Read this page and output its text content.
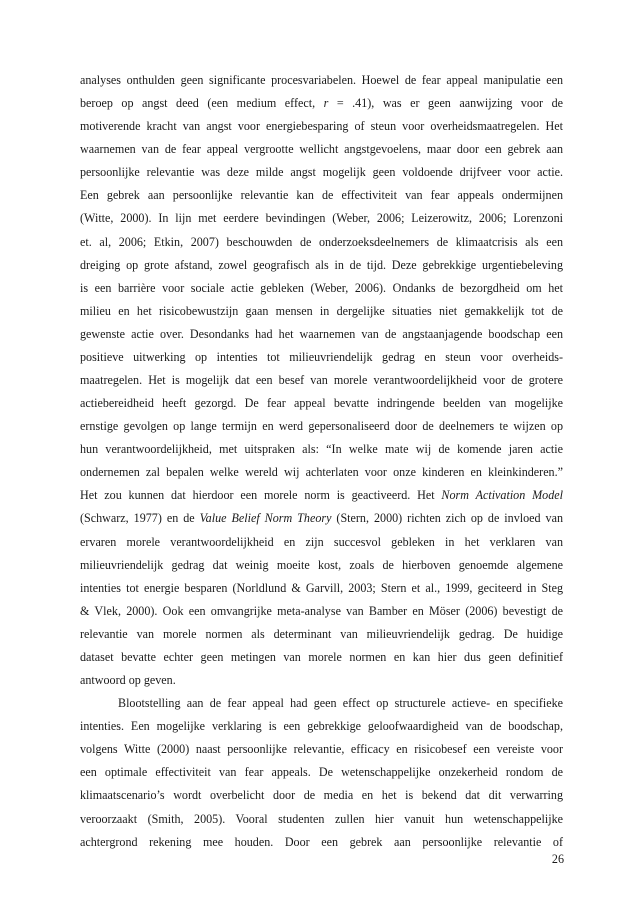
analyses onthulden geen significante procesvariabelen. Hoewel de fear appeal manipulatie een
beroep op angst deed (een medium effect, r = .41), was er geen aanwijzing voor de
motiverende kracht van angst voor energiebesparing of steun voor overheidsmaatregelen. Het
waarnemen van de fear appeal vergrootte wellicht angstgevoelens, maar door een gebrek aan
persoonlijke relevantie was deze milde angst mogelijk geen voldoende drijfveer voor actie.
Een gebrek aan persoonlijke relevantie kan de effectiviteit van fear appeals ondermijnen
(Witte, 2000). In lijn met eerdere bevindingen (Weber, 2006; Leizerowitz, 2006; Lorenzoni
et. al, 2006; Etkin, 2007) beschouwden de onderzoeksdeelnemers de klimaatcrisis als een
dreiging op grote afstand, zowel geografisch als in de tijd. Deze gebrekkige urgentiebeleving
is een barrière voor sociale actie gebleken (Weber, 2006). Ondanks de bezorgdheid om het
milieu en het risicobewustzijn gaan mensen in dergelijke situaties niet gemakkelijk tot de
gewenste actie over. Desondanks had het waarnemen van de angstaanjagende boodschap een
positieve uitwerking op intenties tot milieuvriendelijk gedrag en steun voor overheids-
maatregelen. Het is mogelijk dat een besef van morele verantwoordelijkheid voor de grotere
actiebereidheid heeft gezorgd. De fear appeal bevatte indringende beelden van mogelijke
ernstige gevolgen op lange termijn en werd gepersonaliseerd door de deelnemers te wijzen op
hun verantwoordelijkheid, met uitspraken als: “In welke mate wij de komende jaren actie
ondernemen zal bepalen welke wereld wij achterlaten voor onze kinderen en kleinkinderen.”
Het zou kunnen dat hierdoor een morele norm is geactiveerd. Het Norm Activation Model
(Schwarz, 1977) en de Value Belief Norm Theory (Stern, 2000) richten zich op de invloed van
ervaren morele verantwoordelijkheid en zijn succesvol gebleken in het verklaren van
milieuvriendelijk gedrag dat weinig moeite kost, zoals de hierboven genoemde algemene
intenties tot energie besparen (Norldlund & Garvill, 2003; Stern et al., 1999, geciteerd in Steg
& Vlek, 2000). Ook een omvangrijke meta-analyse van Bamber en Möser (2006) bevestigt de
relevantie van morele normen als determinant van milieuvriendelijk gedrag. De huidige
dataset bevatte echter geen metingen van morele normen en kan hier dus geen definitief
antwoord op geven.
Blootstelling aan de fear appeal had geen effect op structurele actieve- en specifieke
intenties. Een mogelijke verklaring is een gebrekkige geloofwaardigheid van de boodschap,
volgens Witte (2000) naast persoonlijke relevantie, efficacy en risicobesef een vereiste voor
een optimale effectiviteit van fear appeals. De wetenschappelijke onzekerheid rondom de
klimaatscenario’s wordt overbelicht door de media en het is bekend dat dit verwarring
veroorzaakt (Smith, 2005). Vooral studenten zullen hier vanuit hun wetenschappelijke
achtergrond rekening mee houden. Door een gebrek aan persoonlijke relevantie of
26
